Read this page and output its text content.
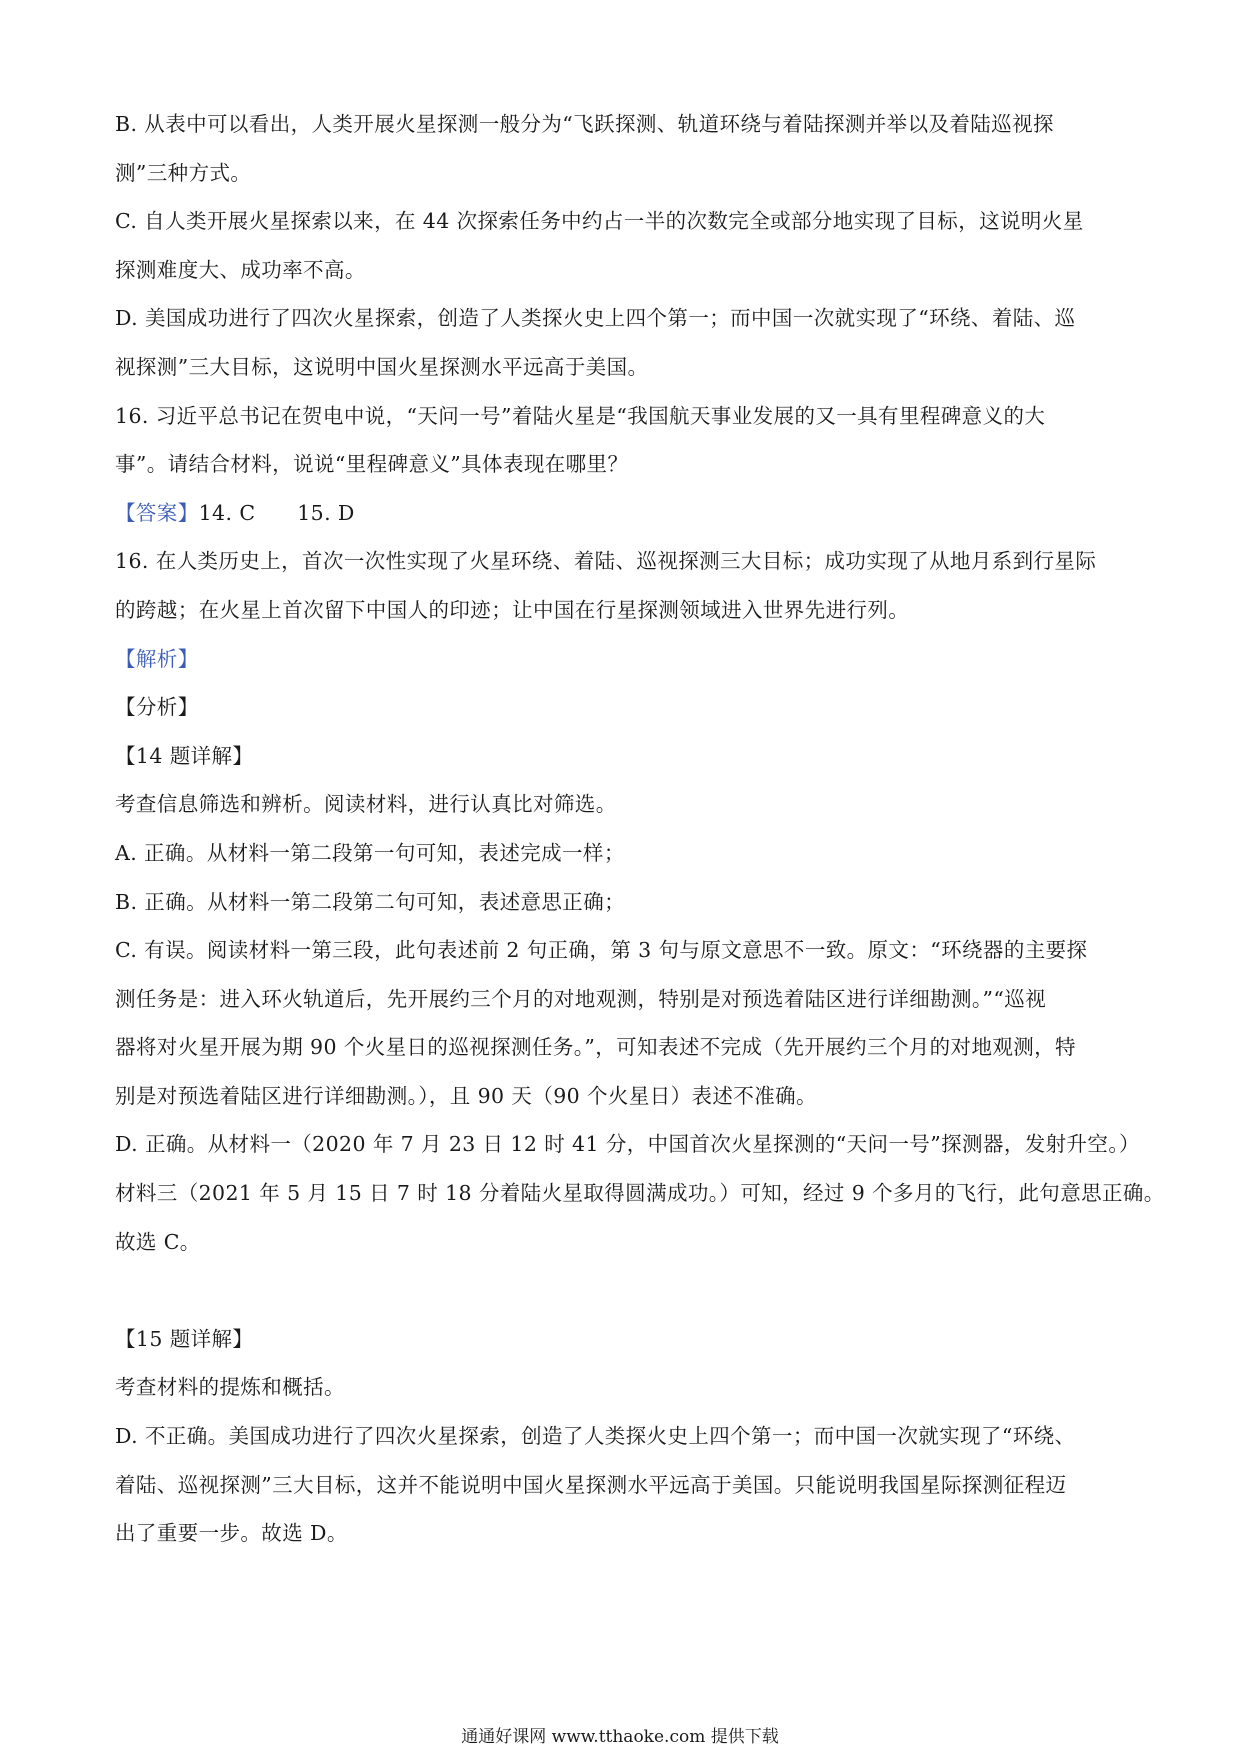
B. 从表中可以看出，人类开展火星探测一般分为“飞跃探测、轨道环绕与着陆探测并举以及着陆巡视探
测”三种方式。
C. 自人类开展火星探索以来，在 44 次探索任务中约占一半的次数完全或部分地实现了目标，这说明火星
探测难度大、成功率不高。
D. 美国成功进行了四次火星探索，创造了人类探火史上四个第一；而中国一次就实现了“环绕、着陆、巡
视探测”三大目标，这说明中国火星探测水平远高于美国。
16. 习近平总书记在贺电中说，“天问一号”着陆火星是“我国航天事业发展的又一具有里程碑意义的大
事”。请结合材料，说说“里程碑意义”具体表现在哪里？
【答案】14. C　　15. D
16. 在人类历史上，首次一次性实现了火星环绕、着陆、巡视探测三大目标；成功实现了从地月系到行星际
的跨越；在火星上首次留下中国人的印迹；让中国在行星探测领域进入世界先进行列。
【解析】
【分析】
【14 题详解】
考查信息筛选和辨析。阅读材料，进行认真比对筛选。
A. 正确。从材料一第二段第一句可知，表述完成一样；
B. 正确。从材料一第二段第二句可知，表述意思正确；
C. 有误。阅读材料一第三段，此句表述前 2 句正确，第 3 句与原文意思不一致。原文：“环绕器的主要探
测任务是：进入环火轨道后，先开展约三个月的对地观测，特别是对预选着陆区进行详细勘测。”“巡视
器将对火星开展为期 90 个火星日的巡视探测任务。”，可知表述不完成（先开展约三个月的对地观测，特
别是对预选着陆区进行详细勘测。），且 90 天（90 个火星日）表述不准确。
D. 正确。从材料一（2020 年 7 月 23 日 12 时 41 分，中国首次火星探测的“天问一号”探测器，发射升空。）
材料三（2021 年 5 月 15 日 7 时 18 分着陆火星取得圆满成功。）可知，经过 9 个多月的飞行，此句意思正确。
故选 C。
【15 题详解】
考查材料的提炼和概括。
D. 不正确。美国成功进行了四次火星探索，创造了人类探火史上四个第一；而中国一次就实现了“环绕、
着陆、巡视探测”三大目标，这并不能说明中国火星探测水平远高于美国。只能说明我国星际探测征程迈
出了重要一步。故选 D。
通通好课网 www.tthaoke.com 提供下载
